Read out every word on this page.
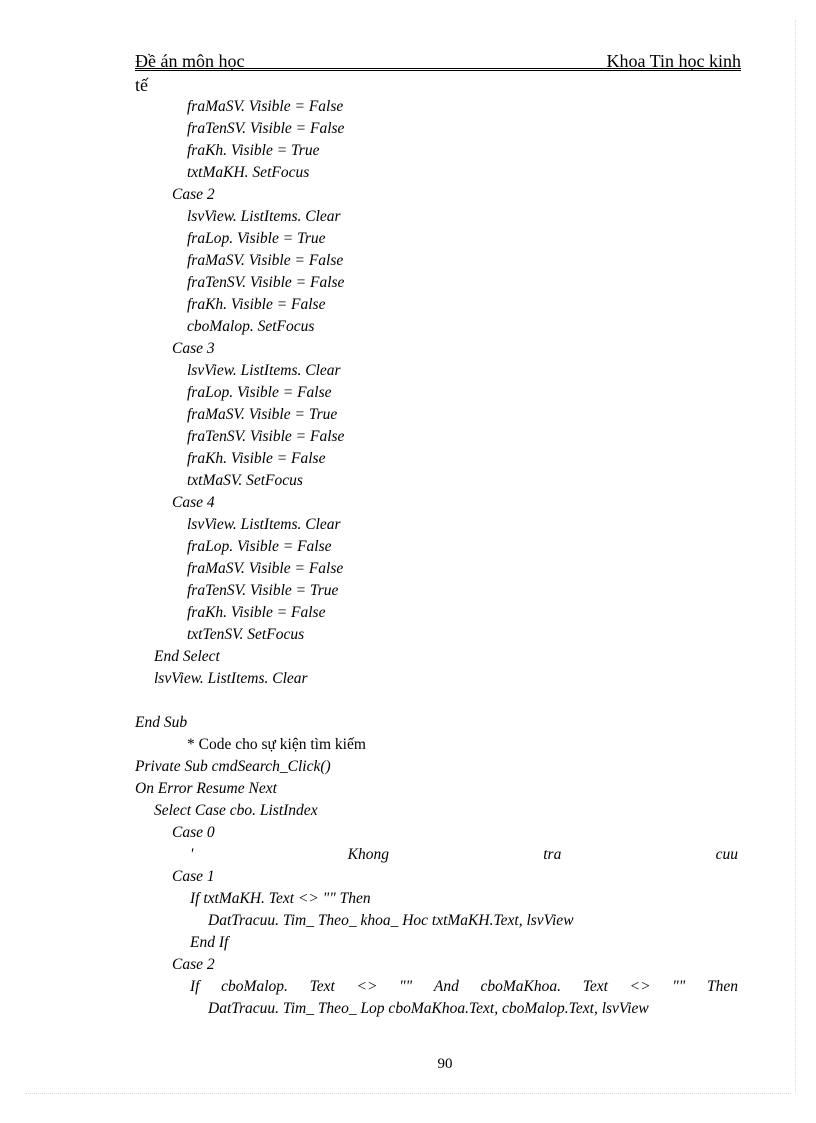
Đề án môn học	Khoa Tin học kinh
tế
fraMaSV. Visible = False
fraTenSV. Visible = False
fraKh. Visible = True
txtMaKH. SetFocus
Case 2
lsvView. ListItems. Clear
fraLop. Visible = True
fraMaSV. Visible = False
fraTenSV. Visible = False
fraKh. Visible = False
cboMalop. SetFocus
Case 3
lsvView. ListItems. Clear
fraLop. Visible = False
fraMaSV. Visible = True
fraTenSV. Visible = False
fraKh. Visible = False
txtMaSV. SetFocus
Case 4
lsvView. ListItems. Clear
fraLop. Visible = False
fraMaSV. Visible = False
fraTenSV. Visible = True
fraKh. Visible = False
txtTenSV. SetFocus
End Select
lsvView. ListItems. Clear
End Sub
* Code cho sự kiện tìm kiếm
Private Sub cmdSearch_Click()
On Error Resume Next
Select Case cbo. ListIndex
Case 0
'	Khong	tra	cuu
Case 1
If txtMaKH. Text <> "" Then
DatTracuu. Tim_ Theo_ khoa_ Hoc txtMaKH.Text, lsvView
End If
Case 2
If cboMalop. Text <> "" And cboMaKhoa. Text <> "" Then
DatTracuu. Tim_ Theo_ Lop cboMaKhoa.Text, cboMalop.Text, lsvView
90
